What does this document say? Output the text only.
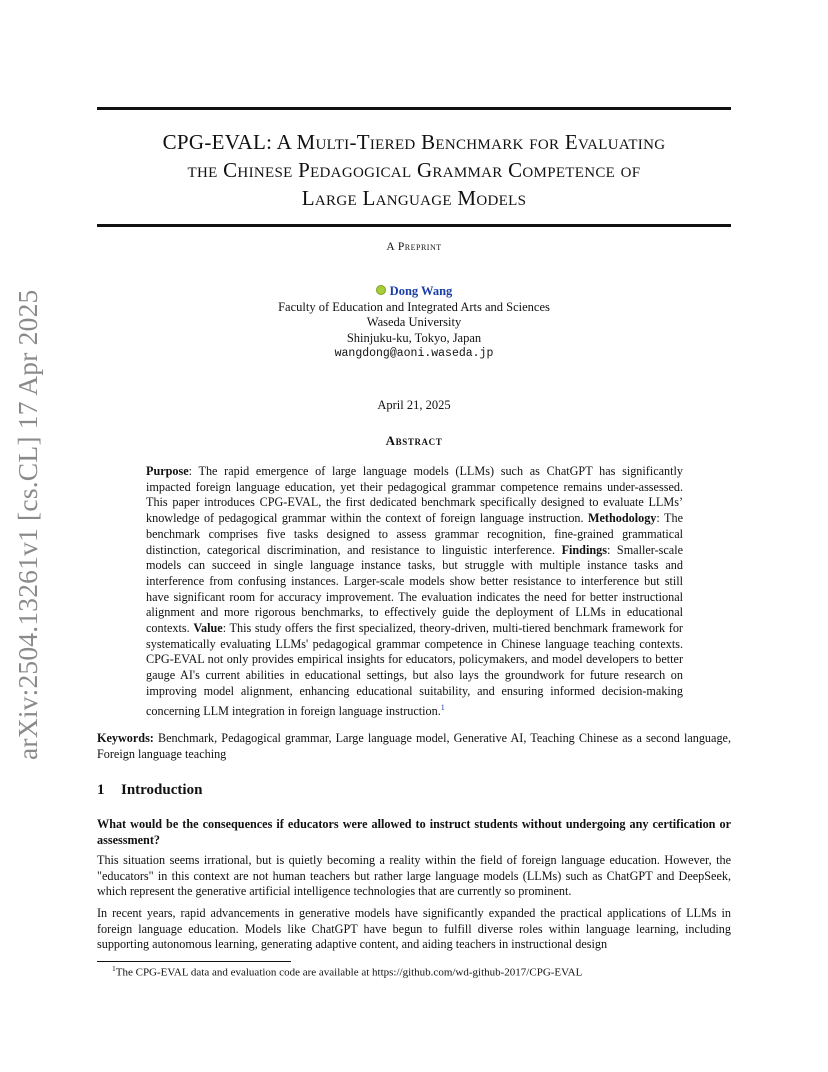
arXiv:2504.13261v1 [cs.CL] 17 Apr 2025
CPG-EVAL: A Multi-Tiered Benchmark for Evaluating
the Chinese Pedagogical Grammar Competence of
Large Language Models
A Preprint
Dong Wang
Faculty of Education and Integrated Arts and Sciences
Waseda University
Shinjuku-ku, Tokyo, Japan
wangdong@aoni.waseda.jp
April 21, 2025
Abstract
Purpose: The rapid emergence of large language models (LLMs) such as ChatGPT has significantly impacted foreign language education, yet their pedagogical grammar competence remains under-assessed. This paper introduces CPG-EVAL, the first dedicated benchmark specifically designed to evaluate LLMs’ knowledge of pedagogical grammar within the context of foreign language instruction. Methodology: The benchmark comprises five tasks designed to assess grammar recognition, fine-grained grammatical distinction, categorical discrimination, and resistance to linguistic interference. Findings: Smaller-scale models can succeed in single language instance tasks, but struggle with multiple instance tasks and interference from confusing instances. Larger-scale models show better resistance to interference but still have significant room for accuracy improvement. The evaluation indicates the need for better instructional alignment and more rigorous benchmarks, to effectively guide the deployment of LLMs in educational contexts. Value: This study offers the first specialized, theory-driven, multi-tiered benchmark framework for systematically evaluating LLMs' pedagogical grammar competence in Chinese language teaching contexts. CPG-EVAL not only provides empirical insights for educators, policymakers, and model developers to better gauge AI's current abilities in educational settings, but also lays the groundwork for future research on improving model alignment, enhancing educational suitability, and ensuring informed decision-making concerning LLM integration in foreign language instruction.$^1$
Keywords: Benchmark, Pedagogical grammar, Large language model, Generative AI, Teaching Chinese as a second language, Foreign language teaching
1 Introduction
What would be the consequences if educators were allowed to instruct students without undergoing any certification or assessment?
This situation seems irrational, but is quietly becoming a reality within the field of foreign language education. However, the "educators" in this context are not human teachers but rather large language models (LLMs) such as ChatGPT and DeepSeek, which represent the generative artificial intelligence technologies that are currently so prominent.
In recent years, rapid advancements in generative models have significantly expanded the practical applications of LLMs in foreign language education. Models like ChatGPT have begun to fulfill diverse roles within language learning, including supporting autonomous learning, generating adaptive content, and aiding teachers in instructional design
$^1$The CPG-EVAL data and evaluation code are available at https://github.com/wd-github-2017/CPG-EVAL
